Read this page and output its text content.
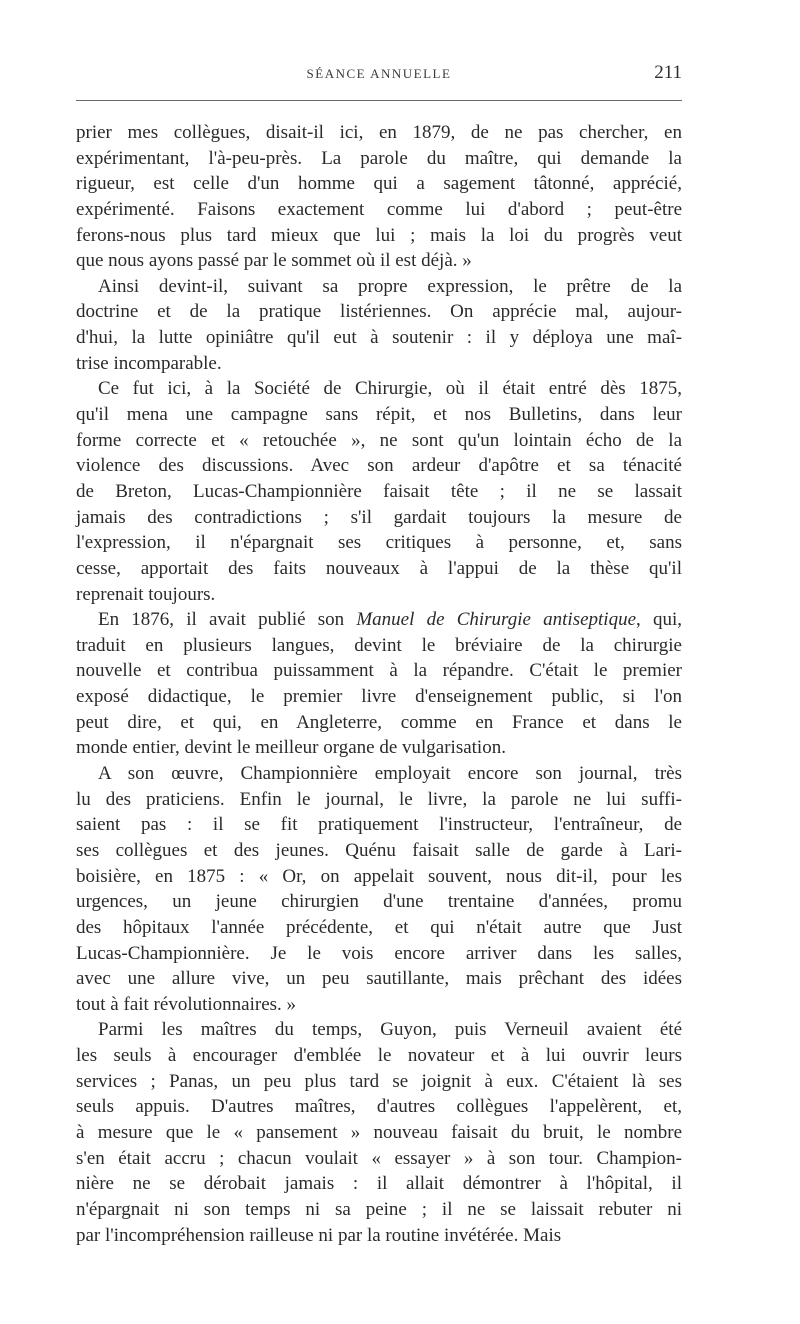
SÉANCE ANNUELLE	211
prier mes collègues, disait-il ici, en 1879, de ne pas chercher, en
expérimentant, l'à-peu-près. La parole du maître, qui demande la
rigueur, est celle d'un homme qui a sagement tâtonné, apprécié,
expérimenté. Faisons exactement comme lui d'abord ; peut-être
ferons-nous plus tard mieux que lui ; mais la loi du progrès veut
que nous ayons passé par le sommet où il est déjà. »
Ainsi devint-il, suivant sa propre expression, le prêtre de la
doctrine et de la pratique listériennes. On apprécie mal, aujour-
d'hui, la lutte opiniâtre qu'il eut à soutenir : il y déploya une maî-
trise incomparable.
Ce fut ici, à la Société de Chirurgie, où il était entré dès 1875,
qu'il mena une campagne sans répit, et nos Bulletins, dans leur
forme correcte et « retouchée », ne sont qu'un lointain écho de la
violence des discussions. Avec son ardeur d'apôtre et sa ténacité
de Breton, Lucas-Championnière faisait tête ; il ne se lassait
jamais des contradictions ; s'il gardait toujours la mesure de
l'expression, il n'épargnait ses critiques à personne, et, sans
cesse, apportait des faits nouveaux à l'appui de la thèse qu'il
reprenait toujours.
En 1876, il avait publié son Manuel de Chirurgie antiseptique, qui,
traduit en plusieurs langues, devint le bréviaire de la chirurgie
nouvelle et contribua puissamment à la répandre. C'était le premier
exposé didactique, le premier livre d'enseignement public, si l'on
peut dire, et qui, en Angleterre, comme en France et dans le
monde entier, devint le meilleur organe de vulgarisation.
A son œuvre, Championnière employait encore son journal, très
lu des praticiens. Enfin le journal, le livre, la parole ne lui suffi-
saient pas : il se fit pratiquement l'instructeur, l'entraîneur, de
ses collègues et des jeunes. Quénu faisait salle de garde à Lari-
boisière, en 1875 : « Or, on appelait souvent, nous dit-il, pour les
urgences, un jeune chirurgien d'une trentaine d'années, promu
des hôpitaux l'année précédente, et qui n'était autre que Just
Lucas-Championnière. Je le vois encore arriver dans les salles,
avec une allure vive, un peu sautillante, mais prêchant des idées
tout à fait révolutionnaires. »
Parmi les maîtres du temps, Guyon, puis Verneuil avaient été
les seuls à encourager d'emblée le novateur et à lui ouvrir leurs
services ; Panas, un peu plus tard se joignit à eux. C'étaient là ses
seuls appuis. D'autres maîtres, d'autres collègues l'appelèrent, et,
à mesure que le « pansement » nouveau faisait du bruit, le nombre
s'en était accru ; chacun voulait « essayer » à son tour. Champion-
nière ne se dérobait jamais : il allait démontrer à l'hôpital, il
n'épargnait ni son temps ni sa peine ; il ne se laissait rebuter ni
par l'incompréhension railleuse ni par la routine invétérée. Mais
